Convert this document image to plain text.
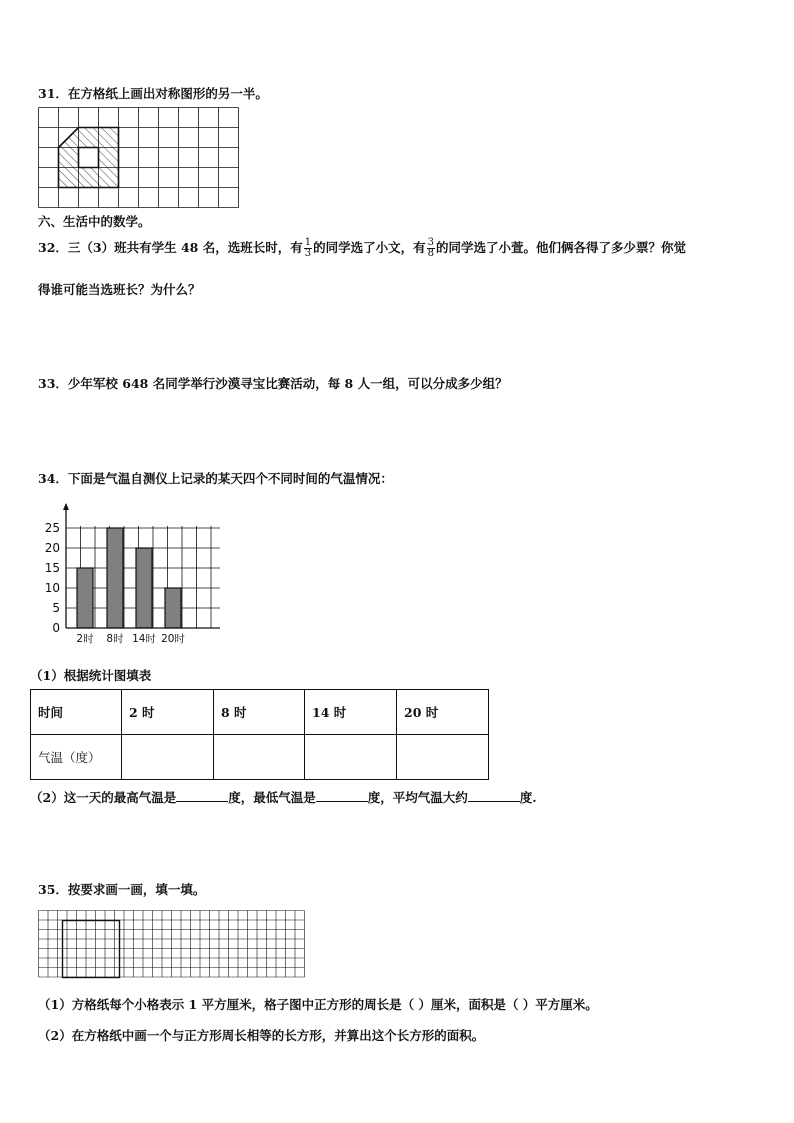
31．在方格纸上画出对称图形的另一半。
六、生活中的数学。
32．三（3）班共有学生 48 名，选班长时，有 $\frac{1}{3}$ 的同学选了小文，有 $\frac{3}{8}$ 的同学选了小萱。他们俩各得了多少票？你觉
得谁可能当选班长？为什么？
33．少年军校 648 名同学举行沙漠寻宝比赛活动，每 8 人一组，可以分成多少组？
34．下面是气温自测仪上记录的某天四个不同时间的气温情况：
0
5
10
15
20
25
2时 8时 14时 20时
（1）根据统计图填表
时间	2 时	8 时	14 时	20 时
气温（度）				
（2）这一天的最高气温是	度，最低气温是	度，平均气温大约	度.
35．按要求画一画，填一填。
（1）方格纸每个小格表示 1 平方厘米，格子图中正方形的周长是（ ）厘米，面积是（ ）平方厘米。
（2）在方格纸中画一个与正方形周长相等的长方形，并算出这个长方形的面积。
